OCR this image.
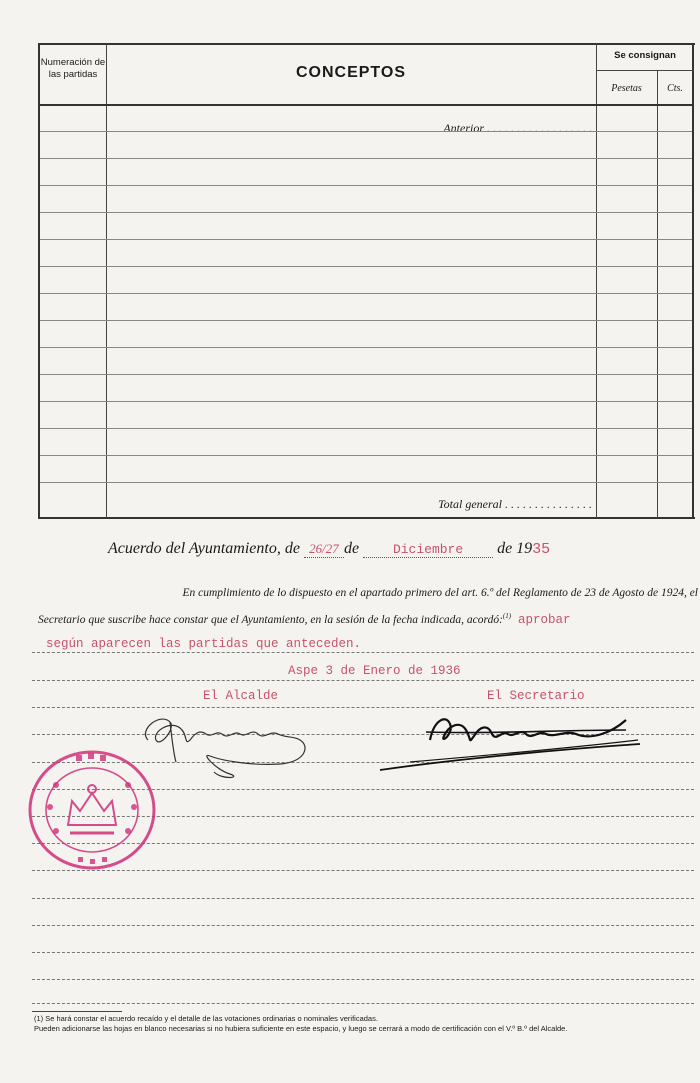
Numeración de las partidas	CONCEPTOS
Se consignan
Pesetas	Cts.
Anterior . . . . . . . . . . . . . . . . . .
Total general . . . . . . . . . . . . . . .
Acuerdo del Ayuntamiento, de 26/27 de	Diciembre de 1935
En cumplimiento de lo dispuesto en el apartado primero del art. 6.º del Reglamento de 23 de Agosto de 1924, el
Secretario que suscribe hace constar que el Ayuntamiento, en la sesión de la fecha indicada, acordó:$^{(1)}$ aprobar
según aparecen las partidas que anteceden.
Aspe 3 de Enero de 1936
El Alcalde	El Secretario
(1) Se hará constar el acuerdo recaído y el detalle de las votaciones ordinarias o nominales verificadas.
Pueden adicionarse las hojas en blanco necesarias si no hubiera suficiente en este espacio, y luego se cerrará a modo de certificación con el V.º B.º del Alcalde.
